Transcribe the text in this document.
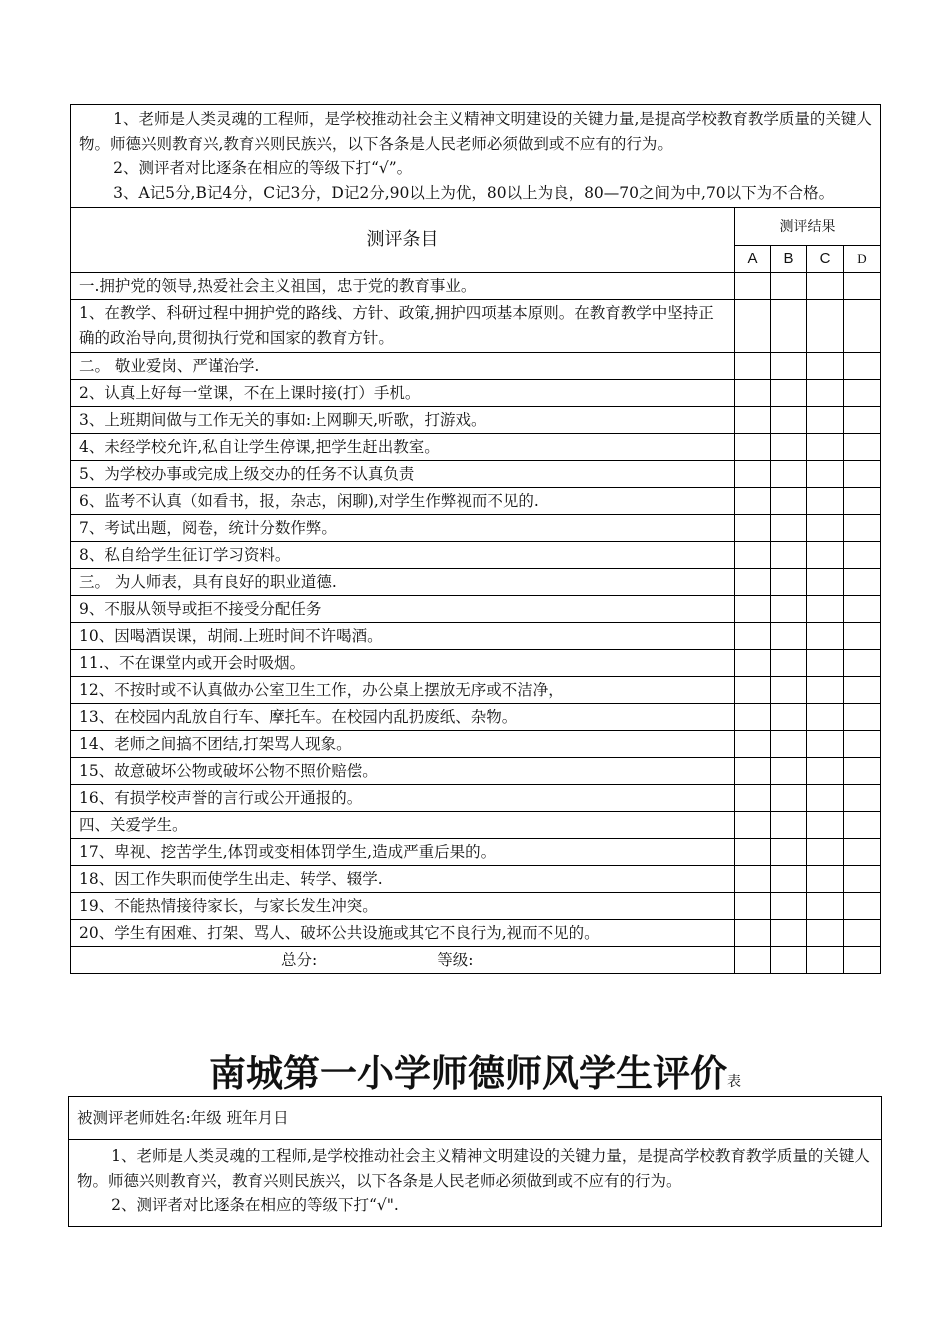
1、老师是人类灵魂的工程师，是学校推动社会主义精神文明建设的关键力量,是提高学校教育教学质量的关键人物。师德兴则教育兴,教育兴则民族兴，以下各条是人民老师必须做到或不应有的行为。

2、测评者对比逐条在相应的等级下打“√”。

3、A记5分,B记4分，C记3分，D记2分,90以上为优，80以上为良，80—70之间为中,70以下为不合格。				

测评条目	测评结果			
	A	B	C	D
一.拥护党的领导,热爱社会主义祖国，忠于党的教育事业。				
1、在教学、科研过程中拥护党的路线、方针、政策,拥护四项基本原则。在教育教学中坚持正确的政治导向,贯彻执行党和国家的教育方针。				
二。 敬业爱岗、严谨治学.				
2、认真上好每一堂课，不在上课时接(打）手机。				
3、上班期间做与工作无关的事如:上网聊天,听歌，打游戏。				
4、未经学校允许,私自让学生停课,把学生赶出教室。				
5、为学校办事或完成上级交办的任务不认真负责				
6、监考不认真（如看书，报，杂志，闲聊),对学生作弊视而不见的.				
7、考试出题，阅卷，统计分数作弊。				
8、私自给学生征订学习资料。				
三。 为人师表，具有良好的职业道德.				
9、不服从领导或拒不接受分配任务				
10、因喝酒误课，胡闹.上班时间不许喝酒。				
11.、不在课堂内或开会时吸烟。				
12、不按时或不认真做办公室卫生工作，办公桌上摆放无序或不洁净，				
13、在校园内乱放自行车、摩托车。在校园内乱扔废纸、杂物。				
14、老师之间搞不团结,打架骂人现象。				
15、故意破坏公物或破坏公物不照价赔偿。				
16、有损学校声誉的言行或公开通报的。				
四、关爱学生。				
17、卑视、挖苦学生,体罚或变相体罚学生,造成严重后果的。				
18、因工作失职而使学生出走、转学、辍学.				
19、不能热情接待家长，与家长发生冲突。				
20、学生有困难、打架、骂人、破坏公共设施或其它不良行为,视而不见的。				
总分: 等级:				
南城第一小学师德师风学生评价表
被测评老师姓名:年级 班年月日

1、老师是人类灵魂的工程师,是学校推动社会主义精神文明建设的关键力量，是提高学校教育教学质量的关键人物。师德兴则教育兴，教育兴则民族兴，以下各条是人民老师必须做到或不应有的行为。

2、测评者对比逐条在相应的等级下打“√".
